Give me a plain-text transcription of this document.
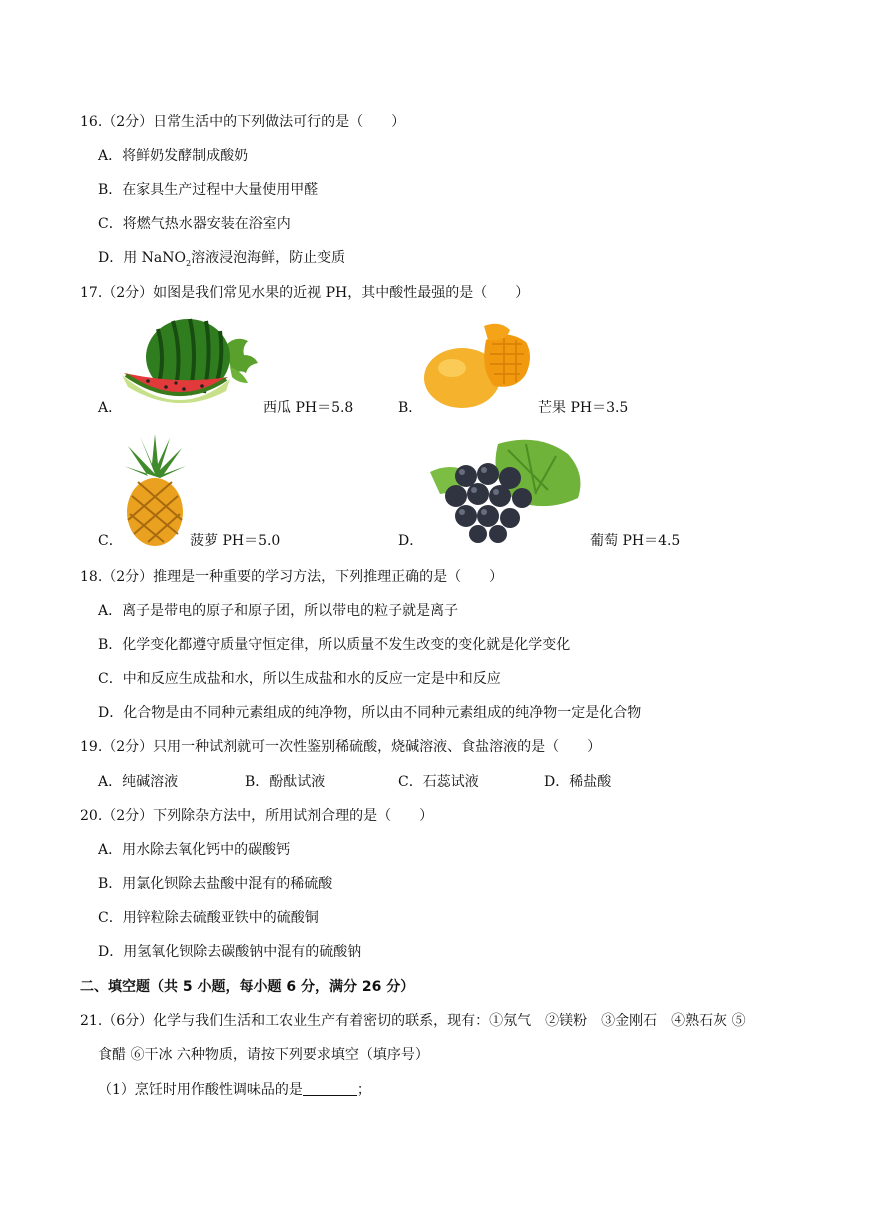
16.（2分）日常生活中的下列做法可行的是（　　）
A．将鲜奶发酵制成酸奶
B．在家具生产过程中大量使用甲醛
C．将燃气热水器安装在浴室内
D．用 NaNO$_2$溶液浸泡海鲜，防止变质
17.（2分）如图是我们常见水果的近视 PH，其中酸性最强的是（　　）
A．	西瓜 PH＝5.8	B．	芒果 PH＝3.5
C．	菠萝 PH＝5.0	D．	葡萄 PH＝4.5
18.（2分）推理是一种重要的学习方法，下列推理正确的是（　　）
A．离子是带电的原子和原子团，所以带电的粒子就是离子
B．化学变化都遵守质量守恒定律，所以质量不发生改变的变化就是化学变化
C．中和反应生成盐和水，所以生成盐和水的反应一定是中和反应
D．化合物是由不同种元素组成的纯净物，所以由不同种元素组成的纯净物一定是化合物
19.（2分）只用一种试剂就可一次性鉴别稀硫酸，烧碱溶液、食盐溶液的是（　　）
A．纯碱溶液	B．酚酞试液	C．石蕊试液	D．稀盐酸
20.（2分）下列除杂方法中，所用试剂合理的是（　　）
A．用水除去氧化钙中的碳酸钙
B．用氯化钡除去盐酸中混有的稀硫酸
C．用锌粒除去硫酸亚铁中的硫酸铜
D．用氢氧化钡除去碳酸钠中混有的硫酸钠
二、填空题（共 5 小题，每小题 6 分，满分 26 分）
21.（6分）化学与我们生活和工农业生产有着密切的联系，现有：①氖气　②镁粉　③金刚石　④熟石灰 ⑤
食醋 ⑥干冰 六种物质，请按下列要求填空（填序号）
（1）烹饪时用作酸性调味品的是	；
